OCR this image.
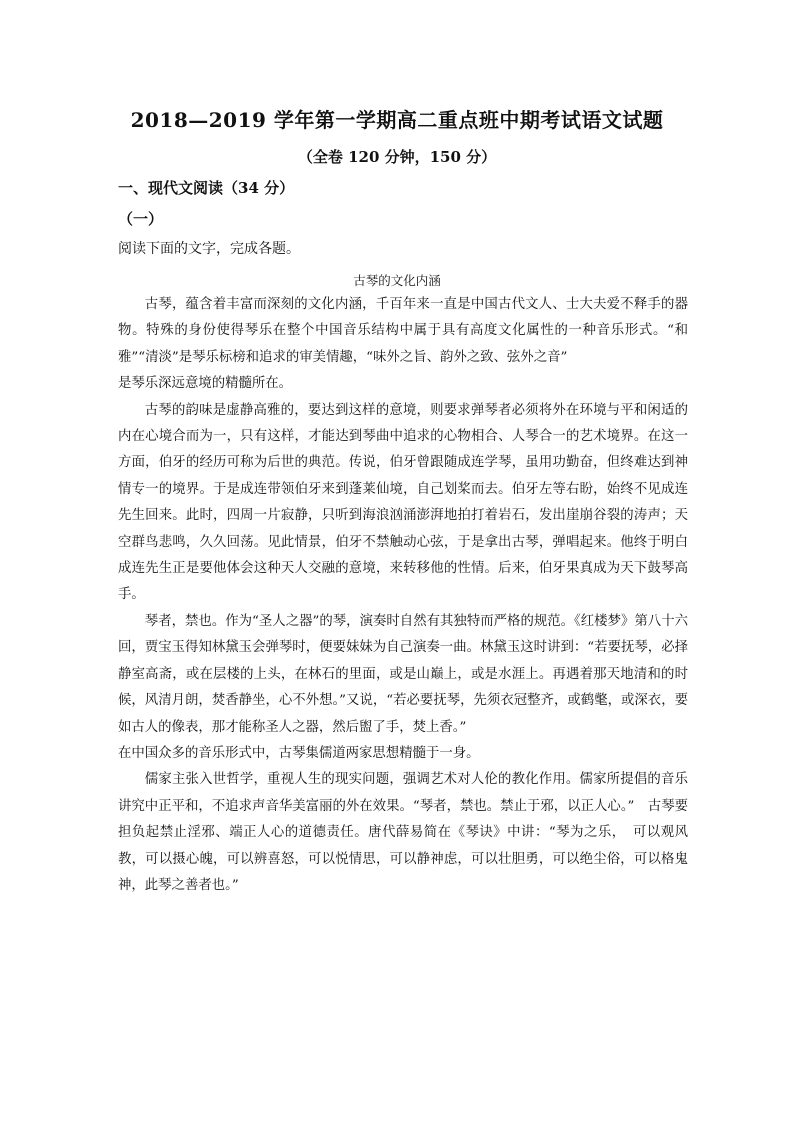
2018—2019 学年第一学期高二重点班中期考试语文试题
（全卷 120 分钟，150 分）
一、现代文阅读（34 分）
（一）
阅读下面的文字，完成各题。
古琴的文化内涵

古琴，蕴含着丰富而深刻的文化内涵，千百年来一直是中国古代文人、士大夫爱不释手的器物。特殊的身份使得琴乐在整个中国音乐结构中属于具有高度文化属性的一种音乐形式。“和雅”“清淡”是琴乐标榜和追求的审美情趣，“味外之旨、韵外之致、弦外之音”

是琴乐深远意境的精髓所在。

古琴的韵味是虚静高雅的，要达到这样的意境，则要求弹琴者必须将外在环境与平和闲适的内在心境合而为一，只有这样，才能达到琴曲中追求的心物相合、人琴合一的艺术境界。在这一方面，伯牙的经历可称为后世的典范。传说，伯牙曾跟随成连学琴，虽用功勤奋，但终难达到神情专一的境界。于是成连带领伯牙来到蓬莱仙境，自己划桨而去。伯牙左等右盼，始终不见成连先生回来。此时，四周一片寂静，只听到海浪汹涌澎湃地拍打着岩石，发出崖崩谷裂的涛声；天空群鸟悲鸣，久久回荡。见此情景，伯牙不禁触动心弦，于是拿出古琴，弹唱起来。他终于明白成连先生正是要他体会这种天人交融的意境，来转移他的性情。后来，伯牙果真成为天下鼓琴高手。

琴者，禁也。作为“圣人之器”的琴，演奏时自然有其独特而严格的规范。《红楼梦》第八十六回，贾宝玉得知林黛玉会弹琴时，便要妹妹为自己演奏一曲。林黛玉这时讲到：“若要抚琴，必择静室高斋，或在层楼的上头，在林石的里面，或是山巅上，或是水涯上。再遇着那天地清和的时候，风清月朗，焚香静坐，心不外想。”又说，“若必要抚琴，先须衣冠整齐，或鹤氅，或深衣，要如古人的像表，那才能称圣人之器，然后盥了手，焚上香。”

在中国众多的音乐形式中，古琴集儒道两家思想精髓于一身。

儒家主张入世哲学，重视人生的现实问题，强调艺术对人伦的教化作用。儒家所提倡的音乐讲究中正平和，不追求声音华美富丽的外在效果。“琴者，禁也。禁止于邪，以正人心。”　古琴要担负起禁止淫邪、端正人心的道德责任。唐代薛易简在《琴诀》中讲：“琴为之乐，　可以观风教，可以摄心魄，可以辨喜怒，可以悦情思，可以静神虑，可以壮胆勇，可以绝尘俗，可以格鬼神，此琴之善者也。”
